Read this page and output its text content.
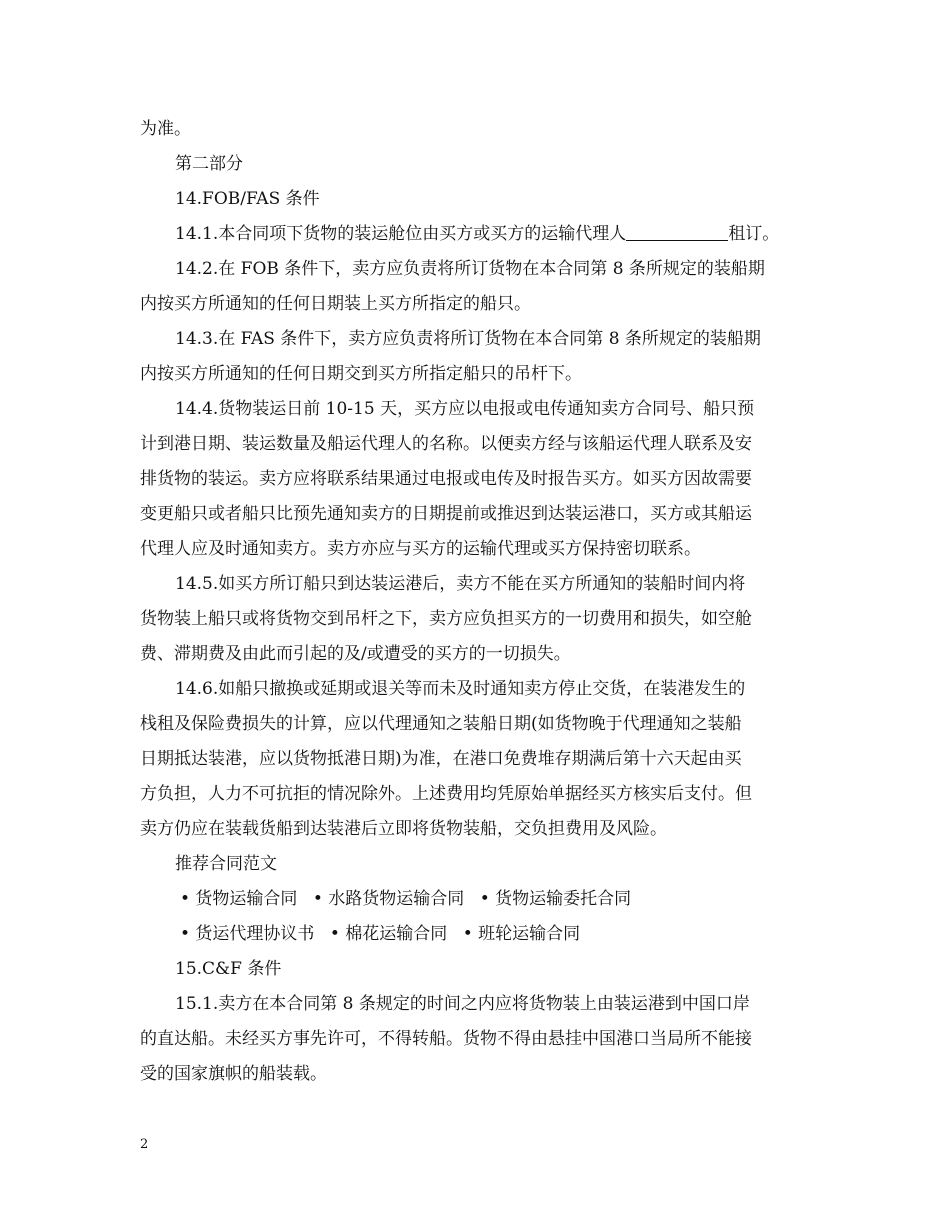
为准。
第二部分
14.FOB/FAS 条件
14.1.本合同项下货物的装运舱位由买方或买方的运输代理人	租订。
14.2.在 FOB 条件下，卖方应负责将所订货物在本合同第 8 条所规定的装船期
内按买方所通知的任何日期装上买方所指定的船只。
14.3.在 FAS 条件下，卖方应负责将所订货物在本合同第 8 条所规定的装船期
内按买方所通知的任何日期交到买方所指定船只的吊杆下。
14.4.货物装运日前 10-15 天，买方应以电报或电传通知卖方合同号、船只预
计到港日期、装运数量及船运代理人的名称。以便卖方经与该船运代理人联系及安
排货物的装运。卖方应将联系结果通过电报或电传及时报告买方。如买方因故需要
变更船只或者船只比预先通知卖方的日期提前或推迟到达装运港口，买方或其船运
代理人应及时通知卖方。卖方亦应与买方的运输代理或买方保持密切联系。
14.5.如买方所订船只到达装运港后，卖方不能在买方所通知的装船时间内将
货物装上船只或将货物交到吊杆之下，卖方应负担买方的一切费用和损失，如空舱
费、滞期费及由此而引起的及/或遭受的买方的一切损失。
14.6.如船只撤换或延期或退关等而未及时通知卖方停止交货，在装港发生的
栈租及保险费损失的计算，应以代理通知之装船日期(如货物晚于代理通知之装船
日期抵达装港，应以货物抵港日期)为准，在港口免费堆存期满后第十六天起由买
方负担，人力不可抗拒的情况除外。上述费用均凭原始单据经买方核实后支付。但
卖方仍应在装载货船到达装港后立即将货物装船，交负担费用及风险。
推荐合同范文
• 货物运输合同 • 水路货物运输合同 • 货物运输委托合同
• 货运代理协议书 • 棉花运输合同 • 班轮运输合同
15.C&F 条件
15.1.卖方在本合同第 8 条规定的时间之内应将货物装上由装运港到中国口岸
的直达船。未经买方事先许可，不得转船。货物不得由悬挂中国港口当局所不能接
受的国家旗帜的船装载。
2
